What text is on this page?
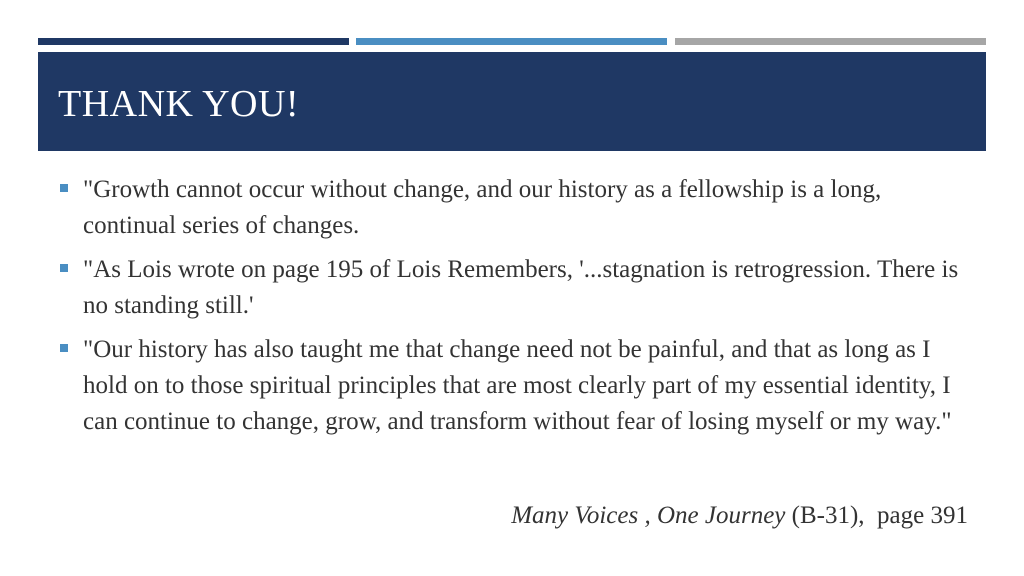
THANK YOU!
"Growth cannot occur without change, and our history as a fellowship is a long, continual series of changes.
"As Lois wrote on page 195 of Lois Remembers, '...stagnation is retrogression. There is no standing still.'
"Our history has also taught me that change need not be painful, and that as long as I hold on to those spiritual principles that are most clearly part of my essential identity, I can continue to change, grow, and transform without fear of losing myself or my way."
Many Voices , One Journey (B-31),  page 391
